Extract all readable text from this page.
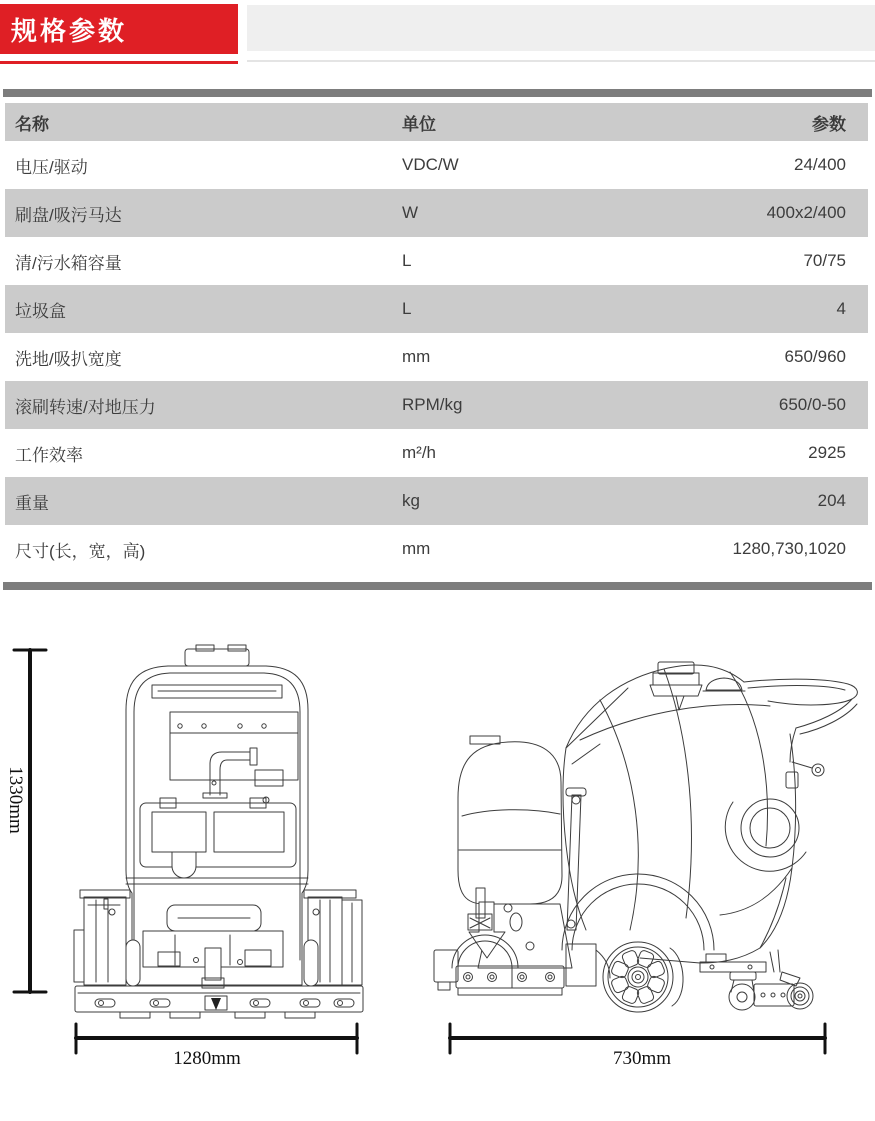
规格参数
名称	单位	参数
电压/驱动	VDC/W	24/400
刷盘/吸污马达	W	400x2/400
清/污水箱容量	L	70/75
垃圾盒	L	4
洗地/吸扒宽度	mm	650/960
滚刷转速/对地压力	RPM/kg	650/0-50
工作效率	m²/h	2925
重量	kg	204
尺寸(长，宽，高)	mm	1280,730,1020
1330mm
1280mm	730mm
